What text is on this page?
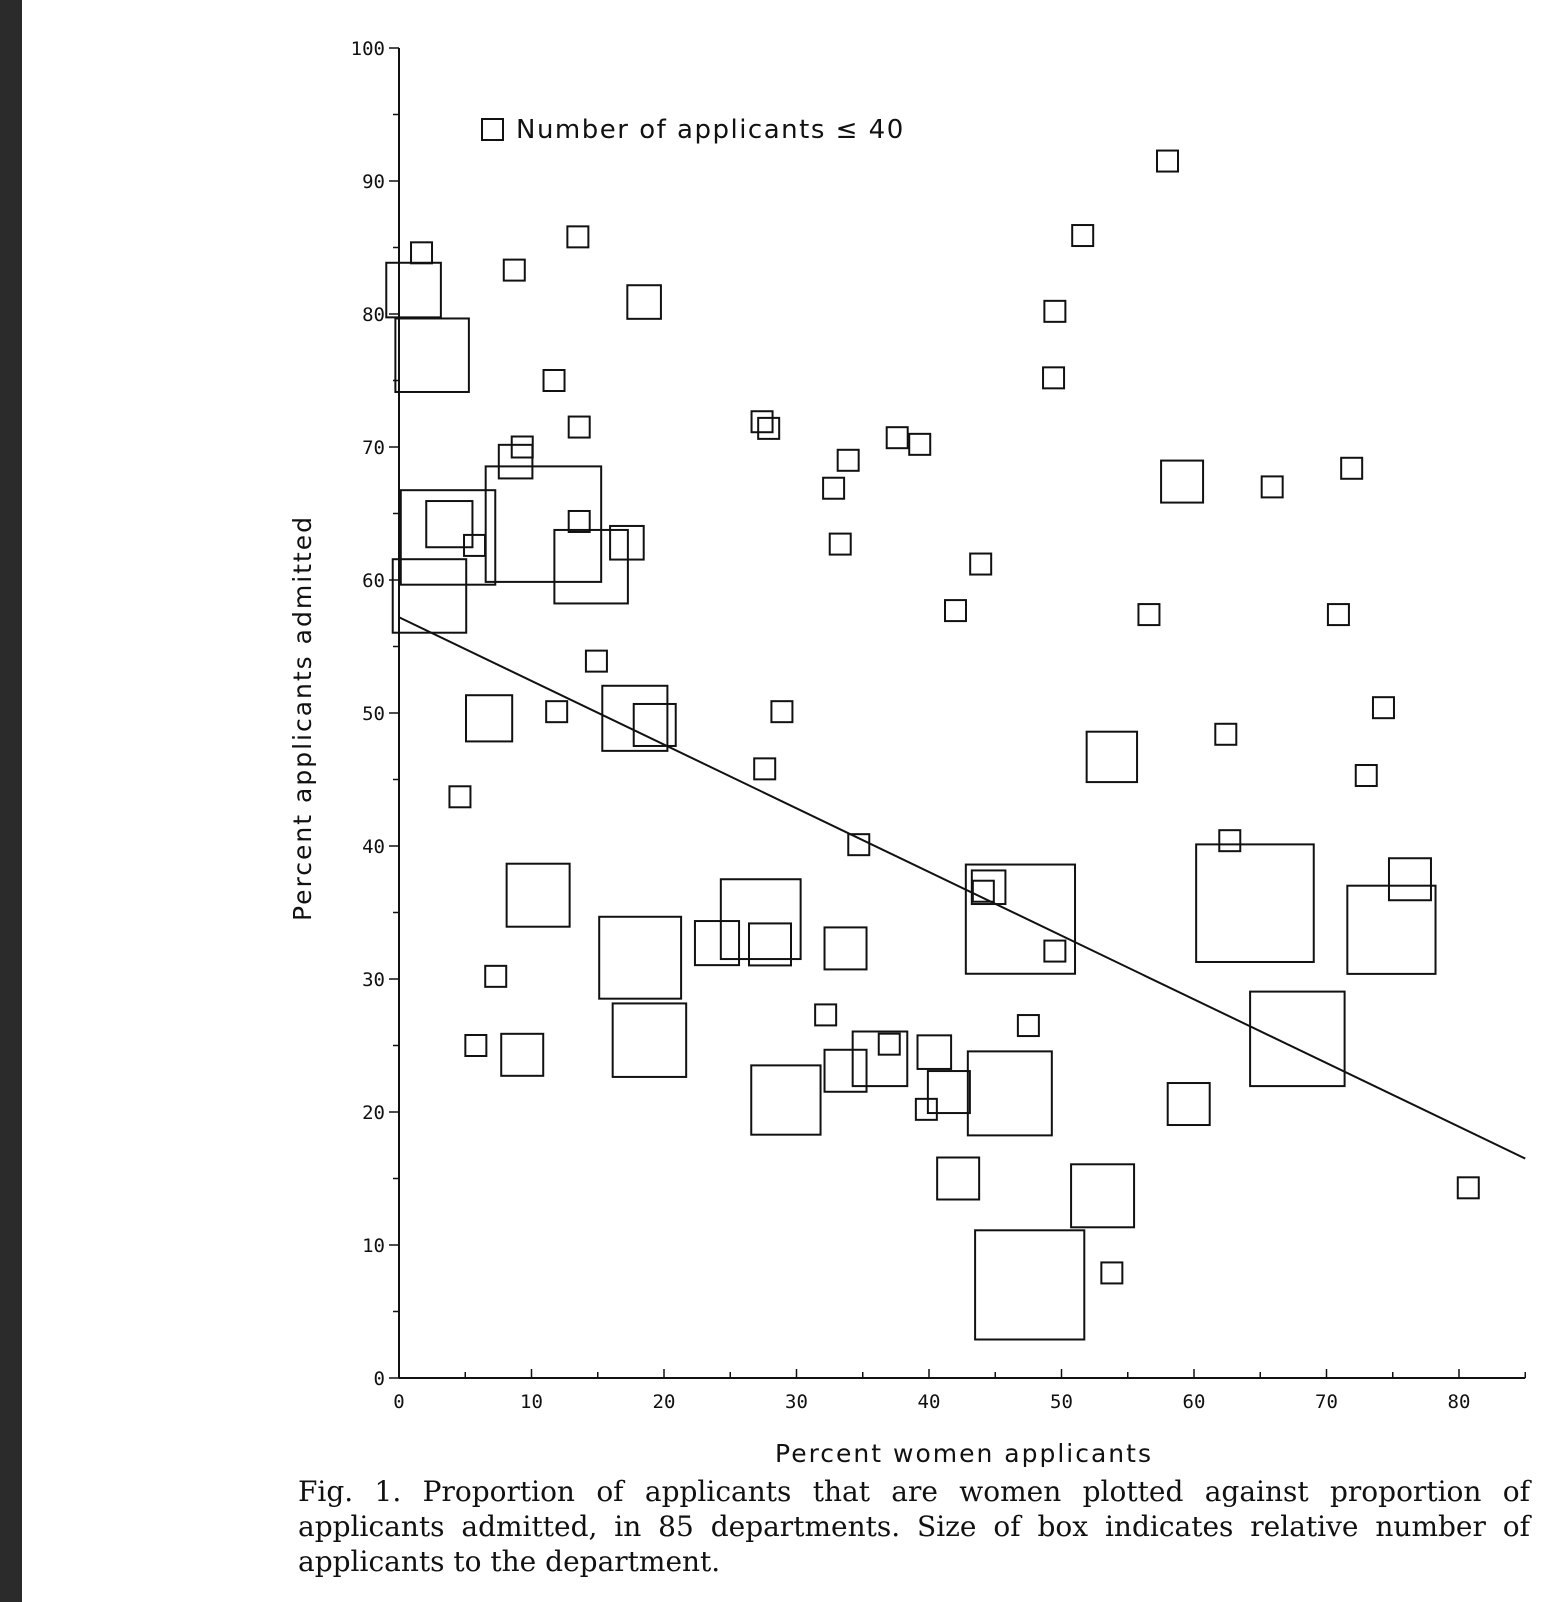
0
10
20
30
40
50
60
70
80
90
100
0	10	20	30	40	50	60	70	80
Number of applicants ≤ 40
Percent women applicants
Percent applicants admitted

Fig. 1. Proportion of applicants that are women plotted against proportion of applicants admitted, in 85 departments. Size of box indicates relative number of applicants to the department.
